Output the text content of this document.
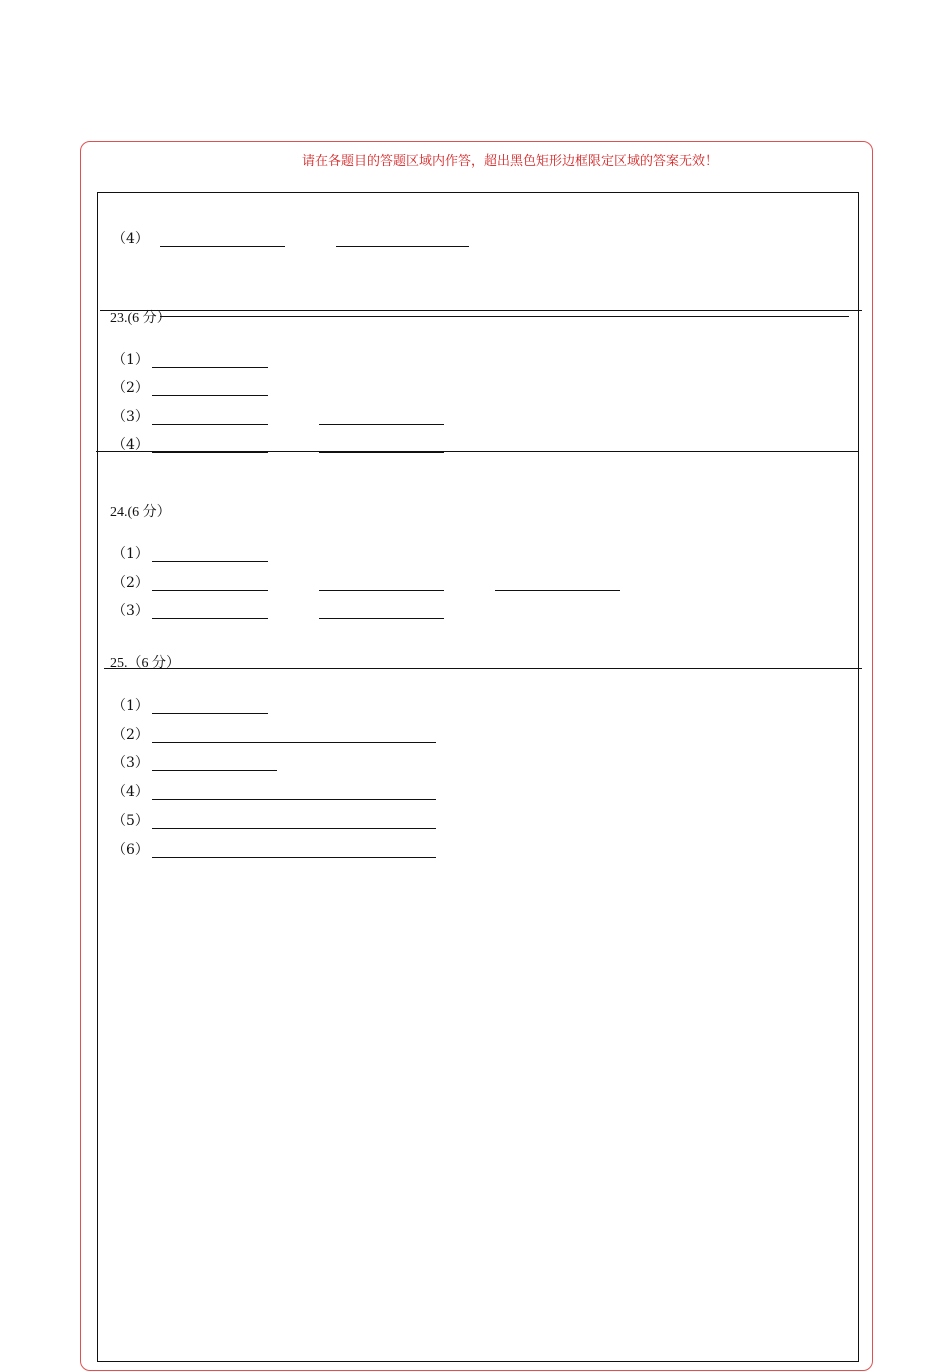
请在各题目的答题区域内作答，超出黑色矩形边框限定区域的答案无效！
（4）
23.(6 分）
（1）
（2）
（3）
（4）
24.(6 分）
（1）
（2）
（3）
25.（6 分）
（1）
（2）
（3）
（4）
（5）
（6）
